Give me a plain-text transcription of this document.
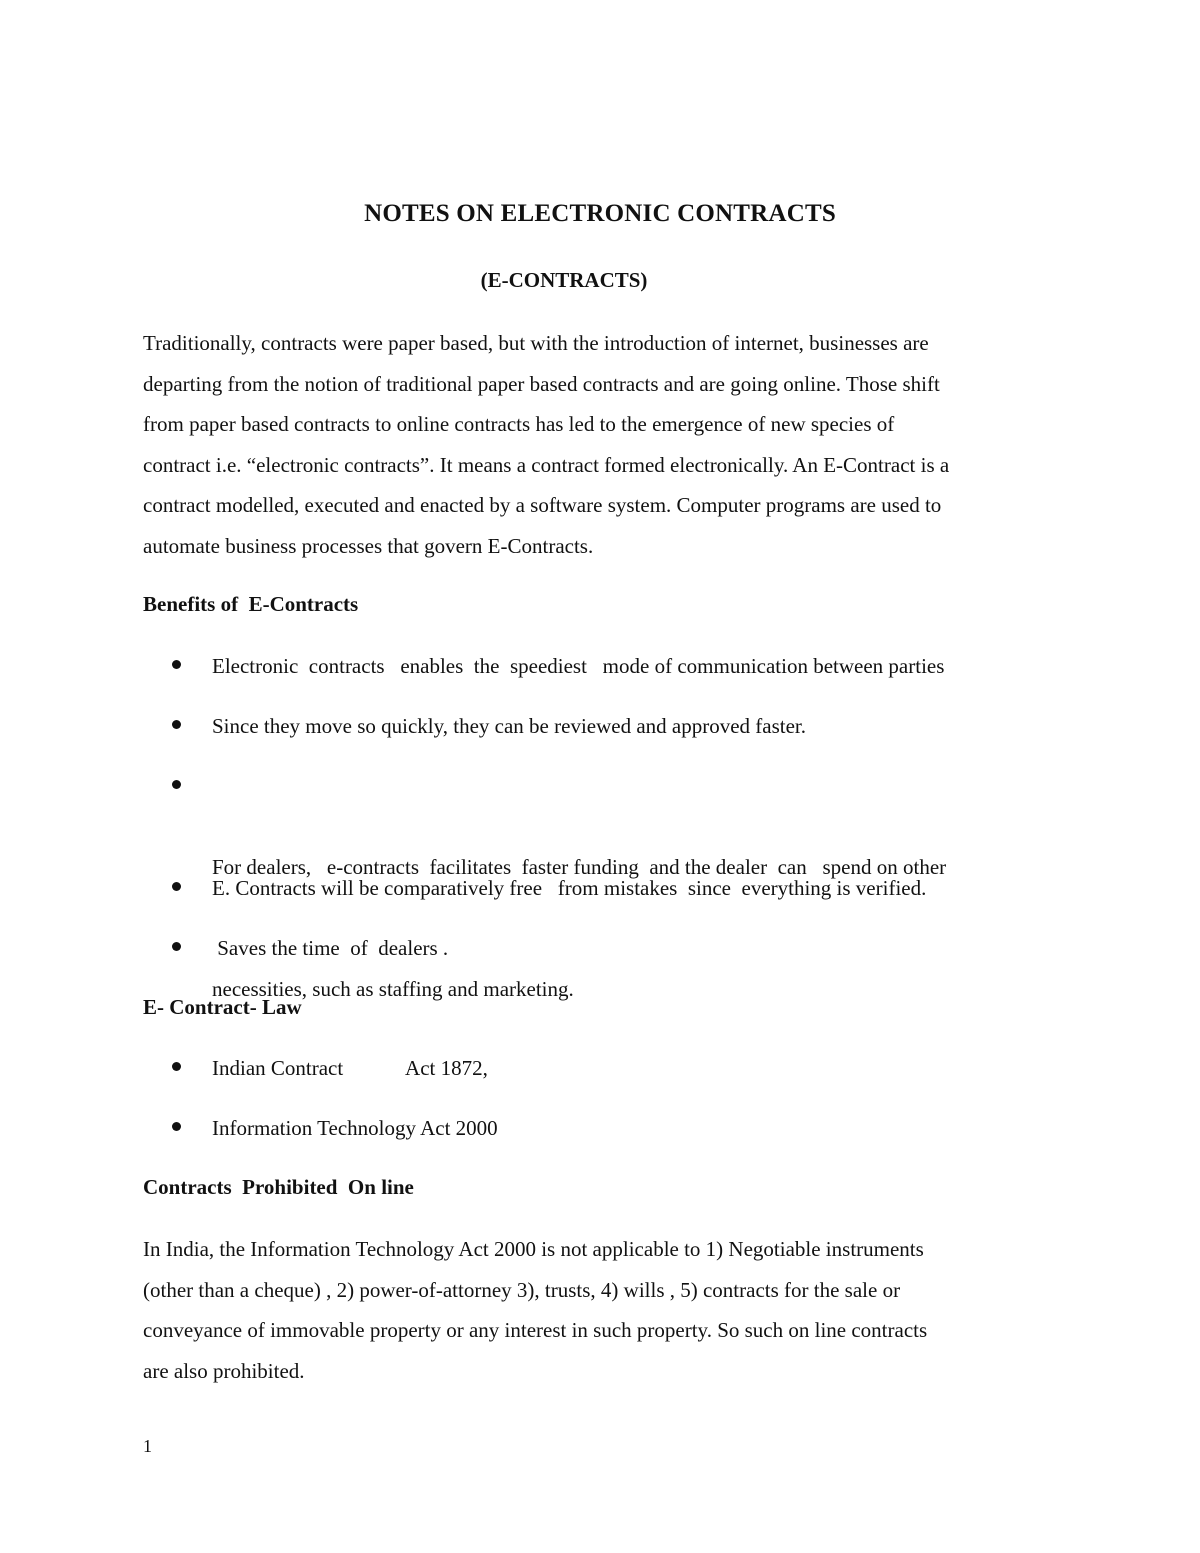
NOTES ON ELECTRONIC CONTRACTS
(E-CONTRACTS)
Traditionally, contracts were paper based, but with the introduction of internet, businesses are
departing from the notion of traditional paper based contracts and are going online. Those shift
from paper based contracts to online contracts has led to the emergence of new species of
contract i.e. “electronic contracts”. It means a contract formed electronically. An E-Contract is a
contract modelled, executed and enacted by a software system. Computer programs are used to
automate business processes that govern E-Contracts.
Benefits of  E-Contracts
Electronic  contracts   enables  the  speediest   mode of communication between parties
Since they move so quickly, they can be reviewed and approved faster.

For dealers,   e-contracts  facilitates  faster funding  and the dealer  can   spend on other

necessities, such as staffing and marketing.

E. Contracts will be comparatively free   from mistakes  since  everything is verified.
Saves the time  of  dealers .
E- Contract- Law
Indian Contract            Act 1872,
Information Technology Act 2000
Contracts  Prohibited  On line
In India, the Information Technology Act 2000 is not applicable to 1) Negotiable instruments
(other than a cheque) , 2) power-of-attorney 3), trusts, 4) wills , 5) contracts for the sale or
conveyance of immovable property or any interest in such property. So such on line contracts
are also prohibited.

1
